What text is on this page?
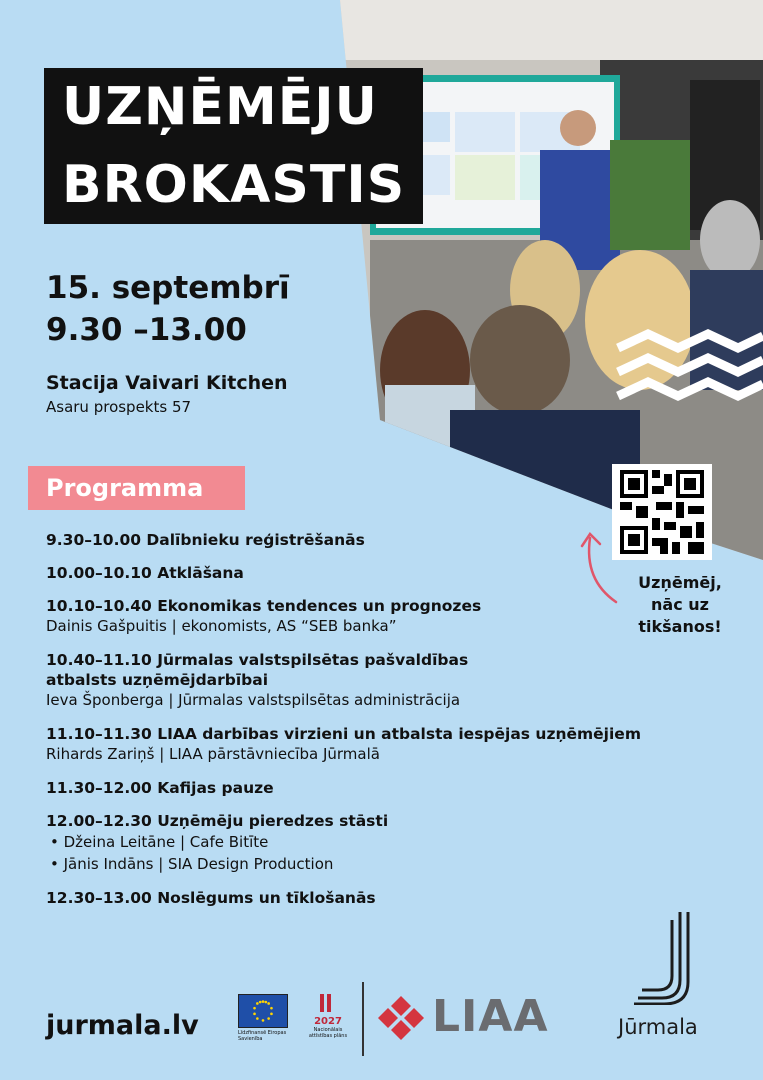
UZŅĒMĒJU
BROKASTIS
15. septembrī
9.30 –13.00
Stacija Vaivari Kitchen
Asaru prospekts 57
Programma
9.30–10.00 Dalībnieku reģistrēšanās
10.00–10.10 Atklāšana
10.10–10.40 Ekonomikas tendences un prognozes
Dainis Gašpuitis | ekonomists, AS “SEB banka”
10.40–11.10 Jūrmalas valstspilsētas pašvaldības
atbalsts uzņēmējdarbībai
Ieva Šponberga | Jūrmalas valstspilsētas administrācija
11.10–11.30 LIAA darbības virzieni un atbalsta iespējas uzņēmējiem
Rihards Zariņš | LIAA pārstāvniecība Jūrmalā
11.30–12.00 Kafijas pauze
12.00–12.30 Uzņēmēju pieredzes stāsti
• Džeina Leitāne | Cafe Bitīte
• Jānis Indāns | SIA Design Production
12.30–13.00 Noslēgums un tīklošanās
Uzņēmēj,
nāc uz
tikšanos!
jurmala.lv	Līdzfinansē Eiropas Savienība
2027
Nacionālais attīstības plāns LIAA	Jūrmala
